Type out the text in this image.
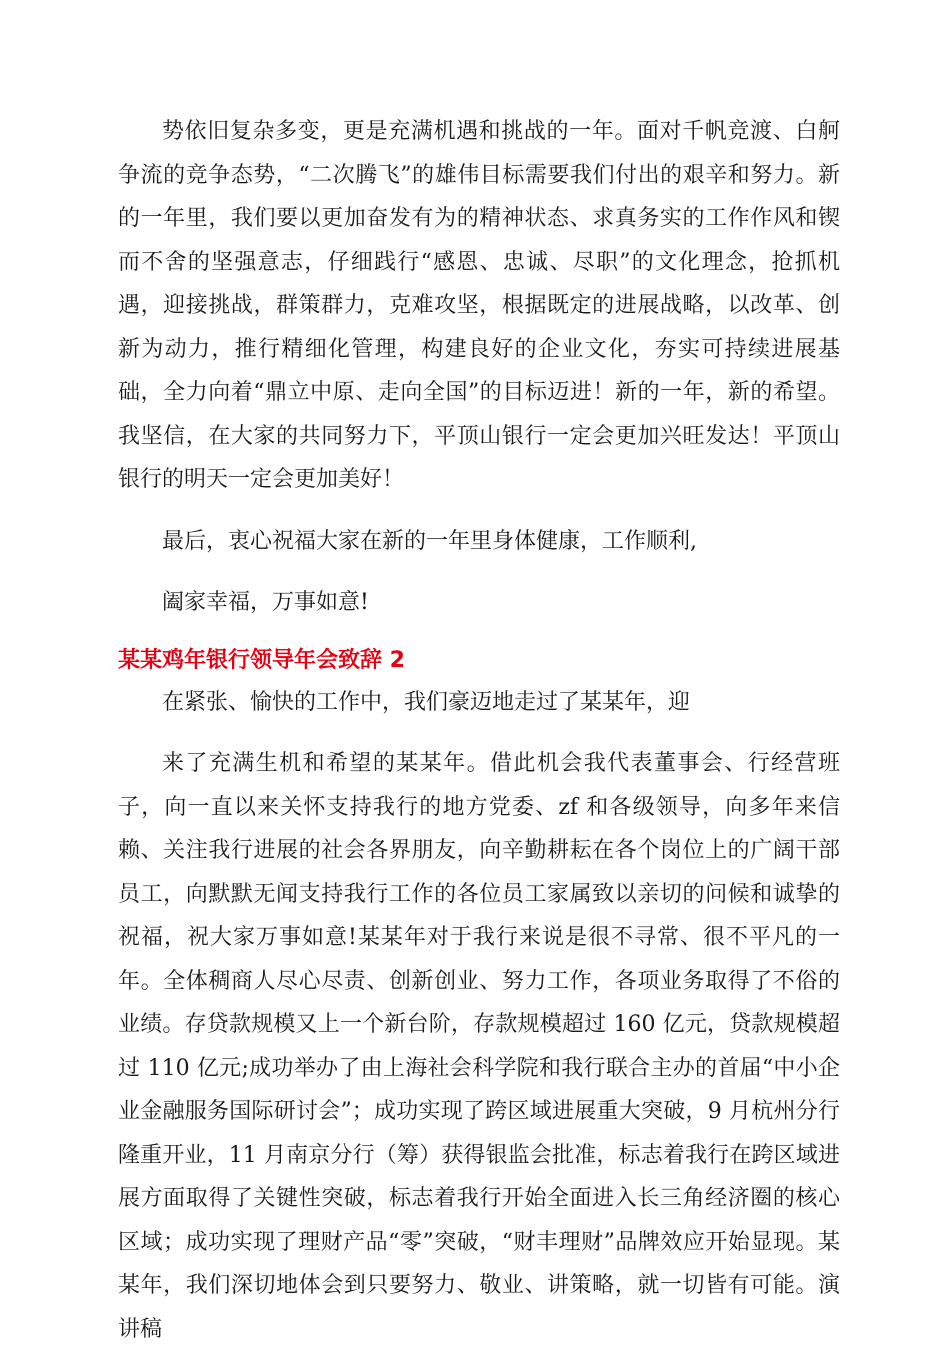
势依旧复杂多变，更是充满机遇和挑战的一年。面对千帆竞渡、白舸争流的竞争态势，“二次腾飞”的雄伟目标需要我们付出的艰辛和努力。新的一年里，我们要以更加奋发有为的精神状态、求真务实的工作作风和锲而不舍的坚强意志，仔细践行“感恩、忠诚、尽职”的文化理念，抢抓机遇，迎接挑战，群策群力，克难攻坚，根据既定的进展战略，以改革、创新为动力，推行精细化管理，构建良好的企业文化，夯实可持续进展基础，全力向着“鼎立中原、走向全国”的目标迈进！新的一年，新的希望。我坚信，在大家的共同努力下，平顶山银行一定会更加兴旺发达！平顶山银行的明天一定会更加美好！

最后，衷心祝福大家在新的一年里身体健康，工作顺利,

阖家幸福，万事如意!

某某鸡年银行领导年会致辞 2

在紧张、愉快的工作中，我们豪迈地走过了某某年，迎

来了充满生机和希望的某某年。借此机会我代表董事会、行经营班子，向一直以来关怀支持我行的地方党委、zf 和各级领导，向多年来信赖、关注我行进展的社会各界朋友，向辛勤耕耘在各个岗位上的广阔干部员工，向默默无闻支持我行工作的各位员工家属致以亲切的问候和诚挚的祝福，祝大家万事如意!某某年对于我行来说是很不寻常、很不平凡的一年。全体稠商人尽心尽责、创新创业、努力工作，各项业务取得了不俗的业绩。存贷款规模又上一个新台阶，存款规模超过 160 亿元，贷款规模超过 110 亿元;成功举办了由上海社会科学院和我行联合主办的首届“中小企业金融服务国际研讨会”；成功实现了跨区域进展重大突破，9 月杭州分行隆重开业，11 月南京分行（筹）获得银监会批准，标志着我行在跨区域进展方面取得了关键性突破，标志着我行开始全面进入长三角经济圈的核心区域；成功实现了理财产品“零”突破，“财丰理财”品牌效应开始显现。某某年，我们深切地体会到只要努力、敬业、讲策略，就一切皆有可能。演讲稿
